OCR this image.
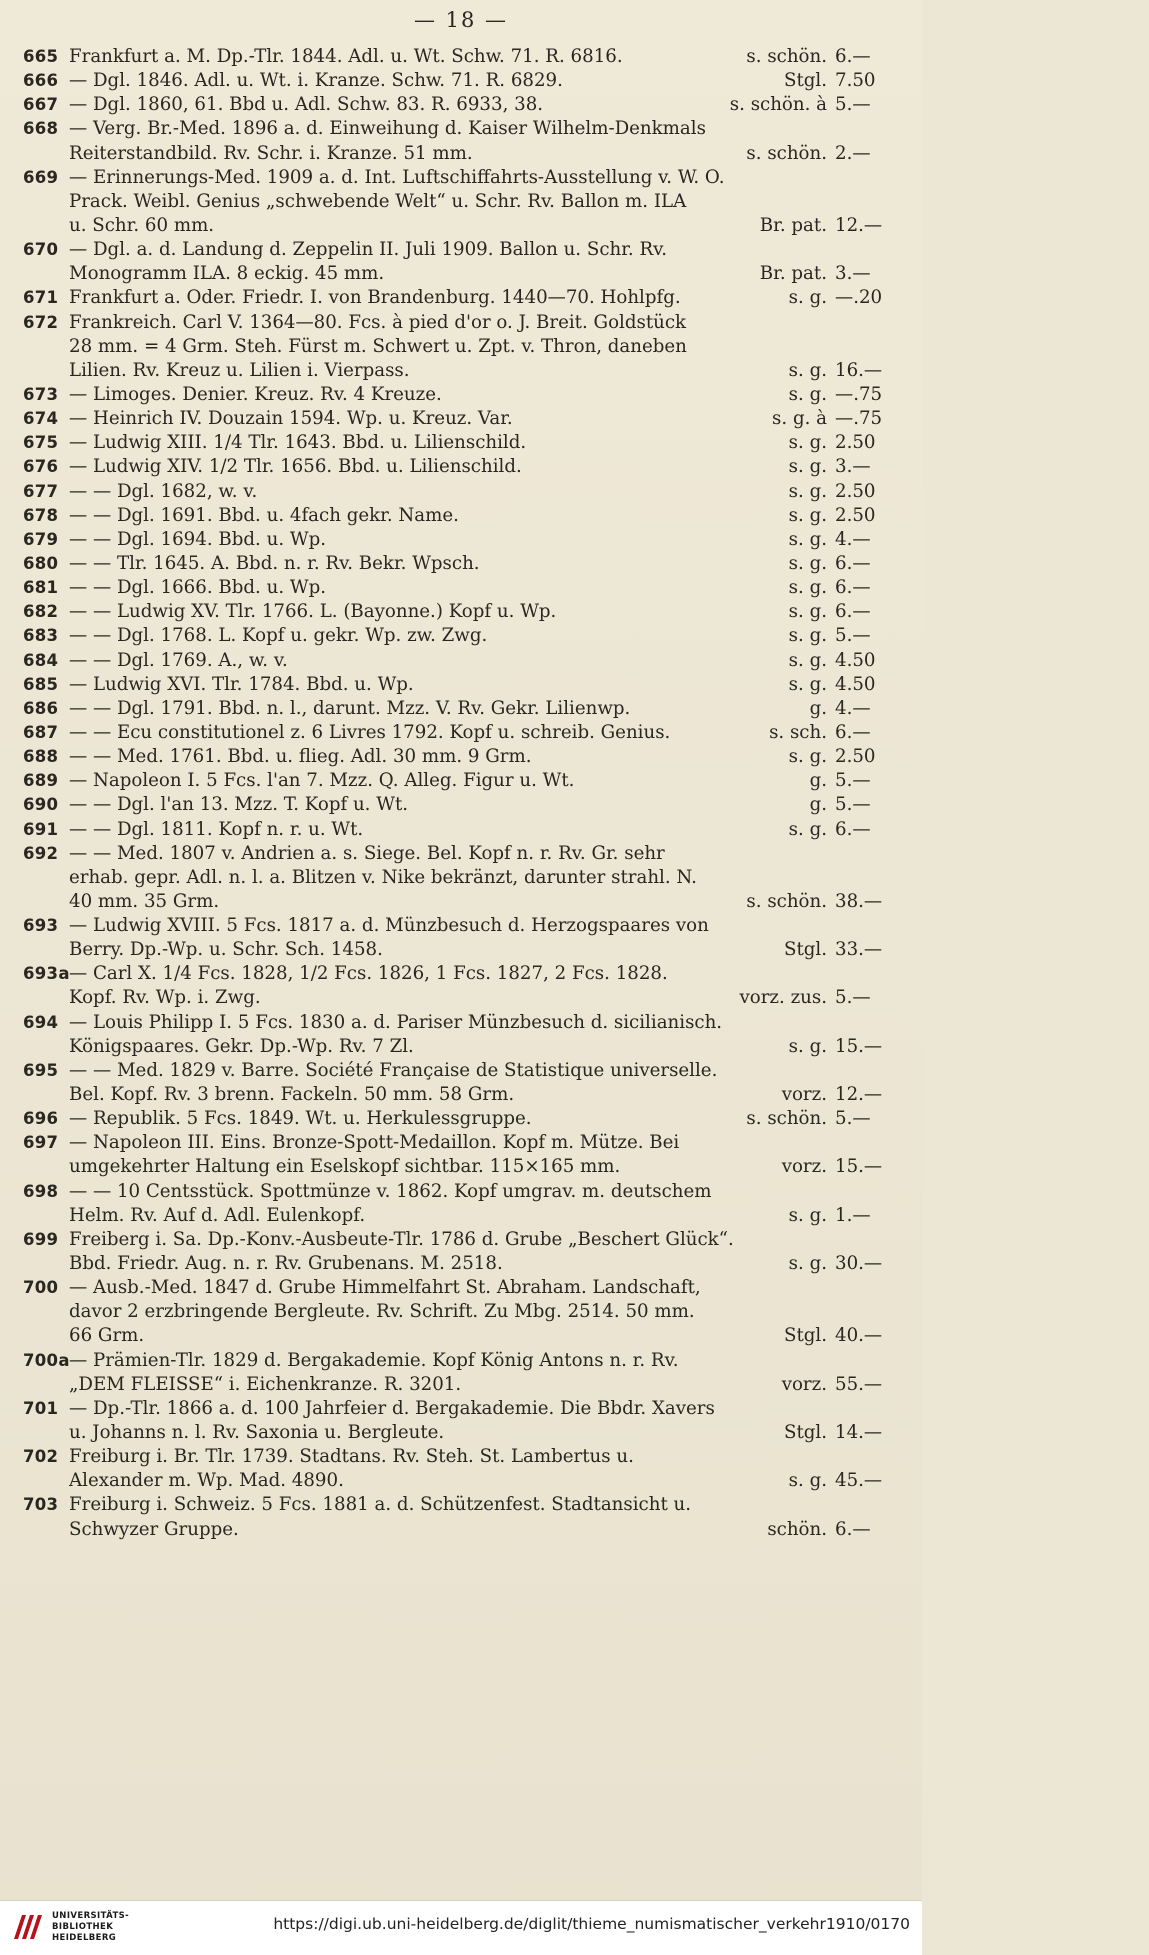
— 18 —
665 Frankfurt a. M. Dp.-Tlr. 1844. Adl. u. Wt. Schw. 71. R. 6816.	s. schön. 6.—
666 — Dgl. 1846. Adl. u. Wt. i. Kranze. Schw. 71. R. 6829.	Stgl. 7.50
667 — Dgl. 1860, 61. Bbd u. Adl. Schw. 83. R. 6933, 38.	s. schön. à 5.—
668 — Verg. Br.-Med. 1896 a. d. Einweihung d. Kaiser Wilhelm-Denkmals
Reiterstandbild. Rv. Schr. i. Kranze. 51 mm.	s. schön. 2.—
669 — Erinnerungs-Med. 1909 a. d. Int. Luftschiffahrts-Ausstellung v. W. O.
Prack. Weibl. Genius „schwebende Welt“ u. Schr. Rv. Ballon m. ILA
u. Schr. 60 mm.	Br. pat. 12.—
670 — Dgl. a. d. Landung d. Zeppelin II. Juli 1909. Ballon u. Schr. Rv.
Monogramm ILA. 8 eckig. 45 mm.	Br. pat. 3.—
671 Frankfurt a. Oder. Friedr. I. von Brandenburg. 1440—70. Hohlpfg.	s. g. —.20
672 Frankreich. Carl V. 1364—80. Fcs. à pied d'or o. J. Breit. Goldstück
28 mm. = 4 Grm. Steh. Fürst m. Schwert u. Zpt. v. Thron, daneben
Lilien. Rv. Kreuz u. Lilien i. Vierpass.	s. g. 16.—
673 — Limoges. Denier. Kreuz. Rv. 4 Kreuze.	s. g. —.75
674 — Heinrich IV. Douzain 1594. Wp. u. Kreuz. Var.	s. g. à —.75
675 — Ludwig XIII. 1/4 Tlr. 1643. Bbd. u. Lilienschild.	s. g. 2.50
676 — Ludwig XIV. 1/2 Tlr. 1656. Bbd. u. Lilienschild.	s. g. 3.—
677 — — Dgl. 1682, w. v.	s. g. 2.50
678 — — Dgl. 1691. Bbd. u. 4fach gekr. Name.	s. g. 2.50
679 — — Dgl. 1694. Bbd. u. Wp.	s. g. 4.—
680 — — Tlr. 1645. A. Bbd. n. r. Rv. Bekr. Wpsch.	s. g. 6.—
681 — — Dgl. 1666. Bbd. u. Wp.	s. g. 6.—
682 — — Ludwig XV. Tlr. 1766. L. (Bayonne.) Kopf u. Wp.	s. g. 6.—
683 — — Dgl. 1768. L. Kopf u. gekr. Wp. zw. Zwg.	s. g. 5.—
684 — — Dgl. 1769. A., w. v.	s. g. 4.50
685 — Ludwig XVI. Tlr. 1784. Bbd. u. Wp.	s. g. 4.50
686 — — Dgl. 1791. Bbd. n. l., darunt. Mzz. V. Rv. Gekr. Lilienwp.	g. 4.—
687 — — Ecu constitutionel z. 6 Livres 1792. Kopf u. schreib. Genius.	s. sch. 6.—
688 — — Med. 1761. Bbd. u. flieg. Adl. 30 mm. 9 Grm.	s. g. 2.50
689 — Napoleon I. 5 Fcs. l'an 7. Mzz. Q. Alleg. Figur u. Wt.	g. 5.—
690 — — Dgl. l'an 13. Mzz. T. Kopf u. Wt.	g. 5.—
691 — — Dgl. 1811. Kopf n. r. u. Wt.	s. g. 6.—
692 — — Med. 1807 v. Andrien a. s. Siege. Bel. Kopf n. r. Rv. Gr. sehr
erhab. gepr. Adl. n. l. a. Blitzen v. Nike bekränzt, darunter strahl. N.
40 mm. 35 Grm.	s. schön. 38.—
693 — Ludwig XVIII. 5 Fcs. 1817 a. d. Münzbesuch d. Herzogspaares von
Berry. Dp.-Wp. u. Schr. Sch. 1458.	Stgl. 33.—
693a — Carl X. 1/4 Fcs. 1828, 1/2 Fcs. 1826, 1 Fcs. 1827, 2 Fcs. 1828.
Kopf. Rv. Wp. i. Zwg.	vorz. zus. 5.—
694 — Louis Philipp I. 5 Fcs. 1830 a. d. Pariser Münzbesuch d. sicilianisch.
Königspaares. Gekr. Dp.-Wp. Rv. 7 Zl.	s. g. 15.—
695 — — Med. 1829 v. Barre. Société Française de Statistique universelle.
Bel. Kopf. Rv. 3 brenn. Fackeln. 50 mm. 58 Grm.	vorz. 12.—
696 — Republik. 5 Fcs. 1849. Wt. u. Herkulessgruppe.	s. schön. 5.—
697 — Napoleon III. Eins. Bronze-Spott-Medaillon. Kopf m. Mütze. Bei
umgekehrter Haltung ein Eselskopf sichtbar. 115×165 mm.	vorz. 15.—
698 — — 10 Centsstück. Spottmünze v. 1862. Kopf umgrav. m. deutschem
Helm. Rv. Auf d. Adl. Eulenkopf.	s. g. 1.—
699 Freiberg i. Sa. Dp.-Konv.-Ausbeute-Tlr. 1786 d. Grube „Beschert Glück“.
Bbd. Friedr. Aug. n. r. Rv. Grubenans. M. 2518.	s. g. 30.—
700 — Ausb.-Med. 1847 d. Grube Himmelfahrt St. Abraham. Landschaft,
davor 2 erzbringende Bergleute. Rv. Schrift. Zu Mbg. 2514. 50 mm.
66 Grm.	Stgl. 40.—
700a — Prämien-Tlr. 1829 d. Bergakademie. Kopf König Antons n. r. Rv.
„DEM FLEISSE“ i. Eichenkranze. R. 3201.	vorz. 55.—
701 — Dp.-Tlr. 1866 a. d. 100 Jahrfeier d. Bergakademie. Die Bbdr. Xavers
u. Johanns n. l. Rv. Saxonia u. Bergleute.	Stgl. 14.—
702 Freiburg i. Br. Tlr. 1739. Stadtans. Rv. Steh. St. Lambertus u.
Alexander m. Wp. Mad. 4890.	s. g. 45.—
703 Freiburg i. Schweiz. 5 Fcs. 1881 a. d. Schützenfest. Stadtansicht u.
Schwyzer Gruppe.	schön. 6.—
UNIVERSITÄTS-
BIBLIOTHEK
HEIDELBERG
https://digi.ub.uni-heidelberg.de/diglit/thieme_numismatischer_verkehr1910/0170
